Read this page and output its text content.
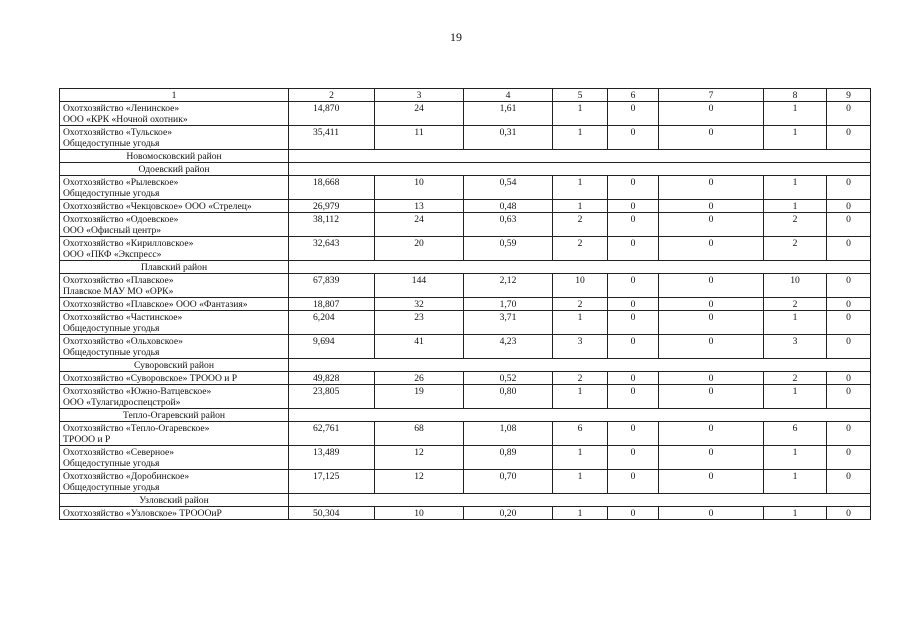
19
1	2	3	4	5	6	7	8	9

Охотхозяйство «Ленинское»
ООО «КРК «Ночной охотник»	14,870	24	1,61	1	0	0	1	0

Охотхозяйство «Тульское»
Общедоступные угодья	35,411	11	0,31	1	0	0	1	0
Новомосковский район								
Одоевский район								

Охотхозяйство «Рылевское»
Общедоступные угодья	18,668	10	0,54	1	0	0	1	0

Охотхозяйство «Чекцовское» ООО «Стрелец»	26,979	13	0,48	1	0	0	1	0

Охотхозяйство «Одоевское»
ООО «Офисный центр»	38,112	24	0,63	2	0	0	2	0

Охотхозяйство «Кирилловское»
ООО «ПКФ «Экспресс»	32,643	20	0,59	2	0	0	2	0
Плавский район								

Охотхозяйство «Плавское»
Плавское МАУ МО «ОРК»	67,839	144	2,12	10	0	0	10	0

Охотхозяйство «Плавское» ООО «Фантазия»	18,807	32	1,70	2	0	0	2	0

Охотхозяйство «Частинское»
Общедоступные угодья	6,204	23	3,71	1	0	0	1	0

Охотхозяйство «Ольховское»
Общедоступные угодья	9,694	41	4,23	3	0	0	3	0
Суворовский район								

Охотхозяйство «Суворовское» ТРООО и Р	49,828	26	0,52	2	0	0	2	0

Охотхозяйство «Южно-Ватцевское»
ООО «Тулагидроспецстрой»	23,805	19	0,80	1	0	0	1	0
Тепло-Огаревский район								

Охотхозяйство «Тепло-Огаревское»
ТРООО и Р	62,761	68	1,08	6	0	0	6	0

Охотхозяйство «Северное»
Общедоступные угодья	13,489	12	0,89	1	0	0	1	0

Охотхозяйство «Доробинское»
Общедоступные угодья	17,125	12	0,70	1	0	0	1	0
Узловский район								

Охотхозяйство «Узловское» ТРОООиР	50,304	10	0,20	1	0	0	1	0
